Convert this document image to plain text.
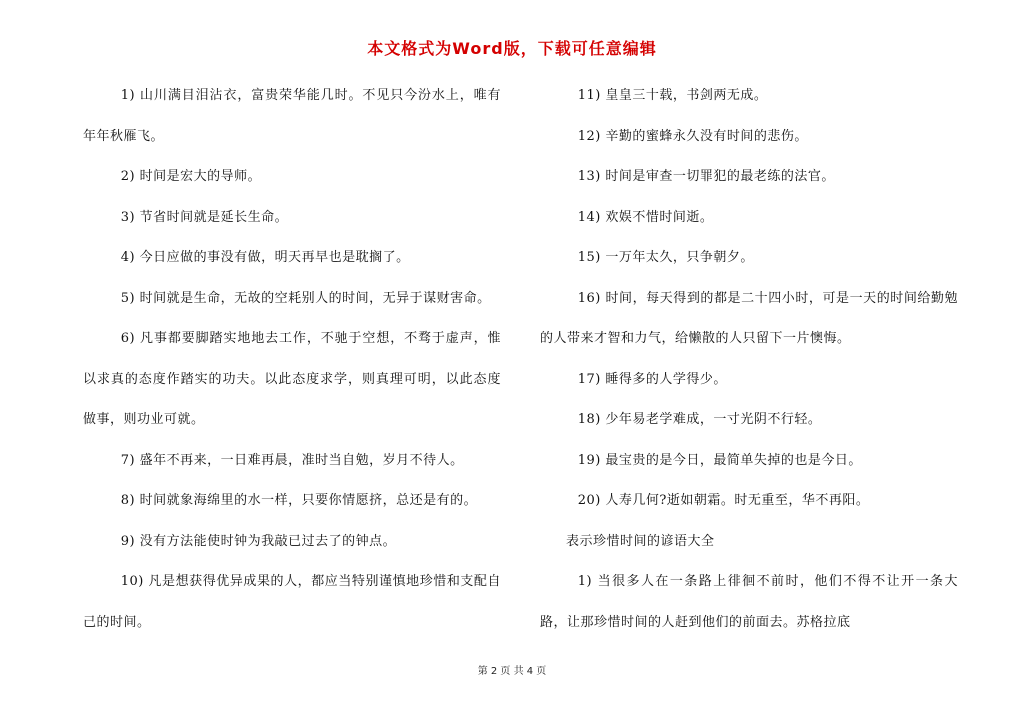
本文格式为Word版，下载可任意编辑

1) 山川满目泪沾衣，富贵荣华能几时。不见只今汾水上，唯有年年秋雁飞。

2) 时间是宏大的导师。

3) 节省时间就是延长生命。

4) 今日应做的事没有做，明天再早也是耽搁了。

5) 时间就是生命，无故的空耗别人的时间，无异于谋财害命。

6) 凡事都要脚踏实地地去工作，不驰于空想，不骛于虚声，惟以求真的态度作踏实的功夫。以此态度求学，则真理可明，以此态度做事，则功业可就。

7) 盛年不再来，一日难再晨，准时当自勉，岁月不待人。

8) 时间就象海绵里的水一样，只要你情愿挤，总还是有的。

9) 没有方法能使时钟为我敲已过去了的钟点。

10) 凡是想获得优异成果的人，都应当特别谨慎地珍惜和支配自己的时间。

11) 皇皇三十载，书剑两无成。

12) 辛勤的蜜蜂永久没有时间的悲伤。

13) 时间是审查一切罪犯的最老练的法官。

14) 欢娱不惜时间逝。

15) 一万年太久，只争朝夕。

16) 时间，每天得到的都是二十四小时，可是一天的时间给勤勉的人带来才智和力气，给懒散的人只留下一片懊悔。

17) 睡得多的人学得少。

18) 少年易老学难成，一寸光阴不行轻。

19) 最宝贵的是今日，最简单失掉的也是今日。

20) 人寿几何?逝如朝霜。时无重至，华不再阳。

表示珍惜时间的谚语大全

1) 当很多人在一条路上徘徊不前时，他们不得不让开一条大路，让那珍惜时间的人赶到他们的前面去。苏格拉底

第 2 页 共 4 页
